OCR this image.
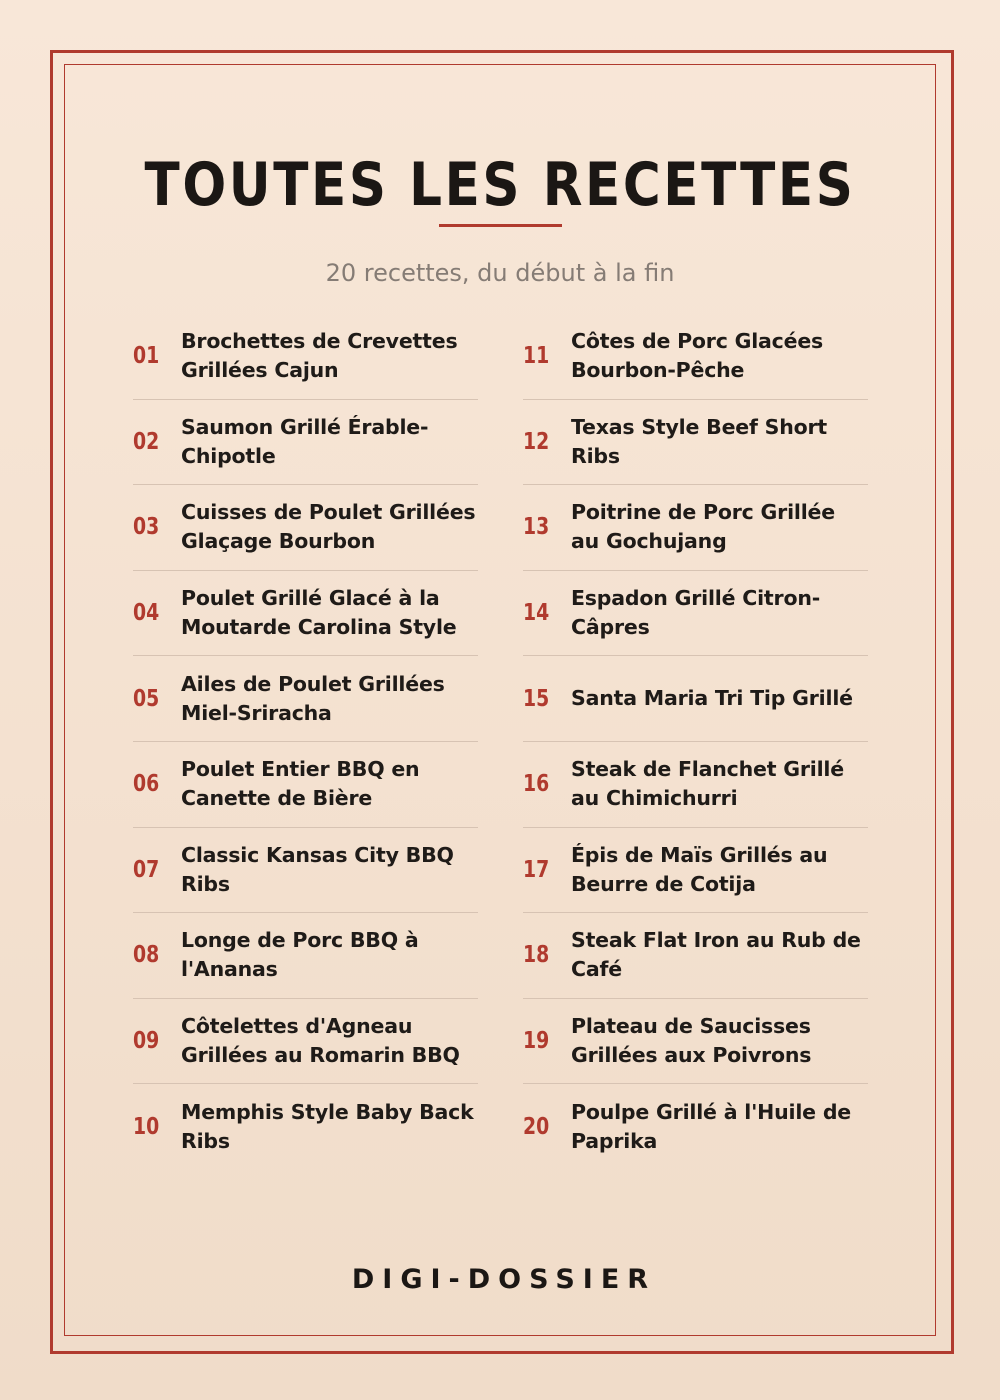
TOUTES LES RECETTES

20 recettes, du début à la fin

01
Brochettes de Crevettes Grillées Cajun
02
Saumon Grillé Érable-Chipotle
03
Cuisses de Poulet Grillées Glaçage Bourbon
04
Poulet Grillé Glacé à la Moutarde Carolina Style
05
Ailes de Poulet Grillées Miel-Sriracha
06
Poulet Entier BBQ en Canette de Bière
07
Classic Kansas City BBQ Ribs
08
Longe de Porc BBQ à l'Ananas
09
Côtelettes d'Agneau Grillées au Romarin BBQ
10
Memphis Style Baby Back Ribs
11
Côtes de Porc Glacées Bourbon-Pêche
12
Texas Style Beef Short Ribs
13
Poitrine de Porc Grillée au Gochujang
14
Espadon Grillé Citron-Câpres
15	Santa Maria Tri Tip Grillé
16
Steak de Flanchet Grillé au Chimichurri
17
Épis de Maïs Grillés au Beurre de Cotija
18
Steak Flat Iron au Rub de Café
19
Plateau de Saucisses Grillées aux Poivrons
20
Poulpe Grillé à l'Huile de Paprika

DIGI-DOSSIER
